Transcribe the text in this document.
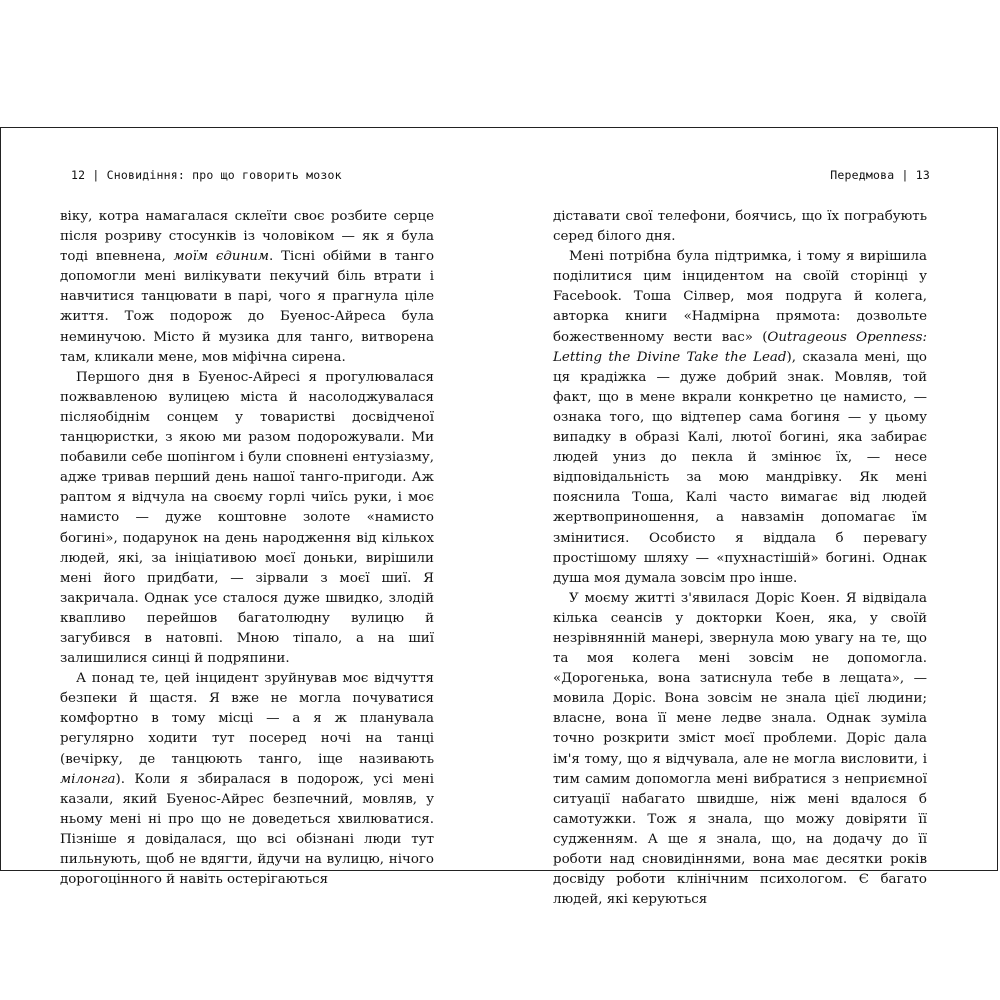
12 | Сновидіння: про що говорить мозок	Передмова | 13

віку, котра намагалася склеїти своє розбите серце після розриву стосунків із чоловіком — як я була тоді впевнена, моїм єдиним. Тісні обійми в танго допомогли мені вилікувати пекучий біль втрати і навчитися танцювати в парі, чого я прагнула ціле життя. Тож подорож до Буенос-Айреса була неминучою. Місто й музика для танго, витворена там, кликали мене, мов міфічна сирена.

Першого дня в Буенос-Айресі я прогулювалася пожвавленою вулицею міста й насолоджувалася післяобіднім сонцем у товаристві досвідченої танцюристки, з якою ми разом подорожували. Ми побавили себе шопінгом і були сповнені ентузіазму, адже тривав перший день нашої танго-пригоди. Аж раптом я відчула на своєму горлі чиїсь руки, і моє намисто — дуже коштовне золоте «намисто богині», подарунок на день народження від кількох людей, які, за ініціативою моєї доньки, вирішили мені його придбати, — зірвали з моєї шиї. Я закричала. Однак усе сталося дуже швидко, злодій квапливо перейшов багатолюдну вулицю й загубився в натовпі. Мною тіпало, а на шиї залишилися синці й подряпини.

А понад те, цей інцидент зруйнував моє відчуття безпеки й щастя. Я вже не могла почуватися комфортно в тому місці — а я ж планувала регулярно ходити тут посеред ночі на танці (вечірку, де танцюють танго, іще називають мілонга). Коли я збиралася в подорож, усі мені казали, який Буенос-Айрес безпечний, мовляв, у ньому мені ні про що не доведеться хвилюватися. Пізніше я довідалася, що всі обізнані люди тут пильнують, щоб не вдягти, йдучи на вулицю, нічого дорогоцінного й навіть остерігаються

діставати свої телефони, боячись, що їх пограбують серед білого дня.

Мені потрібна була підтримка, і тому я вирішила поділитися цим інцидентом на своїй сторінці у Facebook. Тоша Сілвер, моя подруга й колега, авторка книги «Надмірна прямота: дозвольте божественному вести вас» (Outrageous Openness: Letting the Divine Take the Lead), сказала мені, що ця крадіжка — дуже добрий знак. Мовляв, той факт, що в мене вкрали конкретно це намисто, — ознака того, що відтепер сама богиня — у цьому випадку в образі Калі, лютої богині, яка забирає людей униз до пекла й змінює їх, — несе відповідальність за мою мандрівку. Як мені пояснила Тоша, Калі часто вимагає від людей жертвоприношення, а навзамін допомагає їм змінитися. Особисто я віддала б перевагу простішому шляху — «пухнастішій» богині. Однак душа моя думала зовсім про інше.

У моєму житті з'явилася Доріс Коен. Я відвідала кілька сеансів у докторки Коен, яка, у своїй незрівнянній манері, звернула мою увагу на те, що та моя колега мені зовсім не допомогла. «Дорогенька, вона затиснула тебе в лещата», — мовила Доріс. Вона зовсім не знала цієї людини; власне, вона її мене ледве знала. Однак зуміла точно розкрити зміст моєї проблеми. Доріс дала ім'я тому, що я відчувала, але не могла висловити, і тим самим допомогла мені вибратися з неприємної ситуації набагато швидше, ніж мені вдалося б самотужки. Тож я знала, що можу довіряти її судженням. А ще я знала, що, на додачу до її роботи над сновидіннями, вона має десятки років досвіду роботи клінічним психологом. Є багато людей, які керуються
